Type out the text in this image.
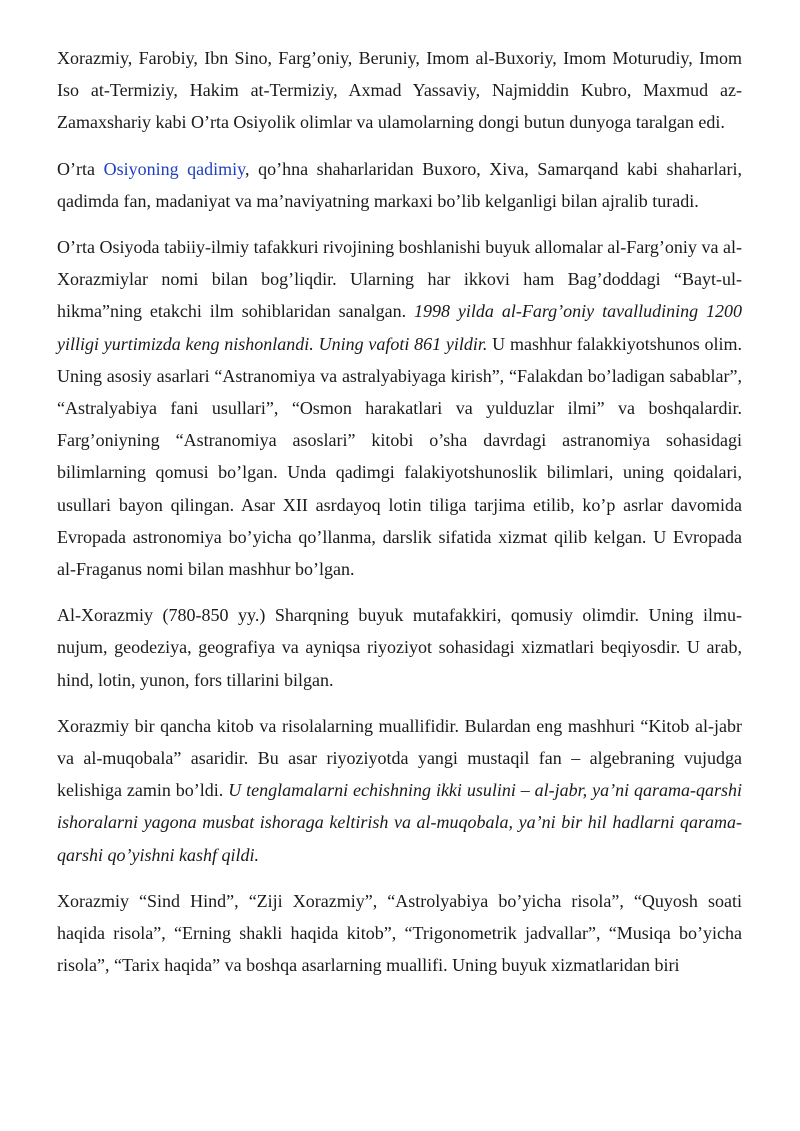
Xorazmiy, Farobiy, Ibn Sino, Farg’oniy, Beruniy, Imom al-Buxoriy, Imom Moturudiy, Imom Iso at-Termiziy, Hakim at-Termiziy, Axmad Yassaviy, Najmiddin Kubro, Maxmud az-Zamaxshariy kabi O’rta Osiyolik olimlar va ulamolarning dongi butun dunyoga taralgan edi.

O’rta Osiyoning qadimiy, qo’hna shaharlaridan Buxoro, Xiva, Samarqand kabi shaharlari, qadimda fan, madaniyat va ma’naviyatning markaxi bo’lib kelganligi bilan ajralib turadi.

O’rta Osiyoda tabiiy-ilmiy tafakkuri rivojining boshlanishi buyuk allomalar al-Farg’oniy va al-Xorazmiylar nomi bilan bog’liqdir. Ularning har ikkovi ham Bag’doddagi “Bayt-ul-hikma”ning etakchi ilm sohiblaridan sanalgan. 1998 yilda al-Farg’oniy tavalludining 1200 yilligi yurtimizda keng nishonlandi. Uning vafoti 861 yildir. U mashhur falakkiyotshunos olim. Uning asosiy asarlari “Astranomiya va astralyabiyaga kirish”, “Falakdan bo’ladigan sabablar”, “Astralyabiya fani usullari”, “Osmon harakatlari va yulduzlar ilmi” va boshqalardir. Farg’oniyning “Astranomiya asoslari” kitobi o’sha davrdagi astranomiya sohasidagi bilimlarning qomusi bo’lgan. Unda qadimgi falakiyotshunoslik bilimlari, uning qoidalari, usullari bayon qilingan. Asar XII asrdayoq lotin tiliga tarjima etilib, ko’p asrlar davomida Evropada astronomiya bo’yicha qo’llanma, darslik sifatida xizmat qilib kelgan. U Evropada al-Fraganus nomi bilan mashhur bo’lgan.

Al-Xorazmiy (780-850 yy.) Sharqning buyuk mutafakkiri, qomusiy olimdir. Uning ilmu-nujum, geodeziya, geografiya va ayniqsa riyoziyot sohasidagi xizmatlari beqiyosdir. U arab, hind, lotin, yunon, fors tillarini bilgan.

Xorazmiy bir qancha kitob va risolalarning muallifidir. Bulardan eng mashhuri “Kitob al-jabr va al-muqobala” asaridir. Bu asar riyoziyotda yangi mustaqil fan – algebraning vujudga kelishiga zamin bo’ldi. U tenglamalarni echishning ikki usulini – al-jabr, ya’ni qarama-qarshi ishoralarni yagona musbat ishoraga keltirish va al-muqobala, ya’ni bir hil hadlarni qarama-qarshi qo’yishni kashf qildi.

Xorazmiy “Sind Hind”, “Ziji Xorazmiy”, “Astrolyabiya bo’yicha risola”, “Quyosh soati haqida risola”, “Erning shakli haqida kitob”, “Trigonometrik jadvallar”, “Musiqa bo’yicha risola”, “Tarix haqida” va boshqa asarlarning muallifi. Uning buyuk xizmatlaridan biri
